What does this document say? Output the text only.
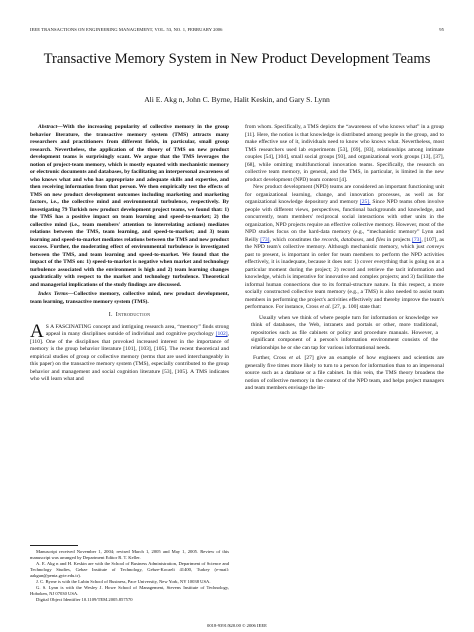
IEEE TRANSACTIONS ON ENGINEERING MANAGEMENT, VOL. 53, NO. 1, FEBRUARY 2006	95
Transactive Memory System in New Product Development Teams
Ali E. Akg n, John C. Byrne, Halit Keskin, and Gary S. Lynn

Abstract—With the increasing popularity of collective memory in the group behavior literature, the transactive memory system (TMS) attracts many researchers and practitioners from different fields, in particular, small group research. Nevertheless, the application of the theory of TMS on new product development teams is surprisingly scant. We argue that the TMS leverages the notion of project-team memory, which is mostly equated with mechanistic memory or electronic documents and databases, by facilitating an interpersonal awareness of who knows what and who has appropriate and adequate skills and expertise, and then receiving information from that person. We then empirically test the effects of TMS on new product development outcomes including marketing and marketing factors, i.e., the collective mind and environmental turbulence, respectively. By investigating 79 Turkish new product development project teams, we found that: 1) the TMS has a positive impact on team learning and speed-to-market; 2) the collective mind (i.e., team members' attention to interrelating actions) mediates relations between the TMS, team learning, and speed-to-market; and 3) team learning and speed-to-market mediates relations between the TMS and new product success. Further, the moderating effect of environmental turbulence is investigated between the TMS, and team learning and speed-to-market. We found that the impact of the TMS on: 1) speed-to-market is negative when market and technology turbulence associated with the environment is high and 2) team learning changes quadratically with respect to the market and technology turbulence. Theoretical and managerial implications of the study findings are discussed.

Index Terms—Collective memory, collective mind, new product development, team learning, transactive memory system (TMS).

I. Introduction

A S A FASCINATING concept and intriguing research area, “memory” finds strong appeal in many disciplines outside of individual and cognitive psychology [102], [110]. One of the disciplines that provoked increased interest in the importance of memory is the group behavior literature [101], [103], [105]. The recent theoretical and empirical studies of group or collective memory (terms that are used interchangeably in this paper) on the transactive memory system (TMS), especially contributed to the group behavior and management and social cognition literature [53], [105]. A TMS indicates who will learn what and

Manuscript received November 1, 2004; revised March 1, 2005 and May 1, 2005. Review of this manuscript was arranged by Department Editor R. T. Keller.

A. E. Akg n and H. Keskin are with the School of Business Administration, Department of Science and Technology Studies, Gebze Institute of Technology, Gebze-Kocaeli 41400, Turkey (e-mail: aakgun@penta.gyte.edu.tr).

J. C. Byrne is with the Lubin School of Business, Pace University, New York, NY 10038 USA.

G. S. Lynn is with the Wesley J. Howe School of Management, Stevens Institute of Technology, Hoboken, NJ 07030 USA.

Digital Object Identifier 10.1109/TEM.2005.857570

from whom. Specifically, a TMS depicts the “awareness of who knows what” in a group [11]. Here, the notion is that knowledge is distributed among people in the group, and to make effective use of it, individuals need to know who knows what. Nevertheless, most TMS researchers used lab experiments [53], [69], [83], relationships among intimate couples [54], [104], small social groups [93], and organizational work groups [13], [37], [68], while omitting multifunctional innovation teams. Specifically, the research on collective team memory, in general, and the TMS, in particular, is limited in the new product development (NPD) team context [4].

New product development (NPD) teams are considered an important functioning unit for organizational learning, change, and innovation processes, as well as for organizational knowledge depository and memory [25]. Since NPD teams often involve people with different views, perspectives, functional backgrounds and knowledge, and concurrently, team members' reciprocal social interactions with other units in the organization, NPD projects require an effective collective memory. However, most of the NPD studies focus on the hard-data memory (e.g., “mechanistic memory” Lynn and Reilly [73], which constitutes the records, databases, and files in projects [73], [107], as the NPD team's collective memory. Although mechanistic memory, which just conveys past to present, is important in order for team members to perform the NPD activities effectively, it is inadequate, because it does not: 1) cover everything that is going on at a particular moment during the project; 2) record and retrieve the tacit information and knowledge, which is imperative for innovative and complex projects; and 3) facilitate the informal human connections due to its formal-structure nature. In this respect, a more socially constructed collective team memory (e.g., a TMS) is also needed to assist team members in performing the project's activities effectively and thereby improve the team's performance. For instance, Cross et al. [27, p. 100] state that:

Usually when we think of where people turn for information or knowledge we think of databases, the Web, intranets and portals or other, more traditional, repositories such as file cabinets or policy and procedure manuals. However, a significant component of a person's information environment consists of the relationships he or she can tap for various informational needs.

Further, Cross et al. [27] give an example of how engineers and scientists are generally five times more likely to turn to a person for information than to an impersonal source such as a database or a file cabinet. In this vein, the TMS theory broadens the notion of collective memory in the context of the NPD team, and helps project managers and team members envisage the im-

0018-9391/$20.00 © 2006 IEEE
